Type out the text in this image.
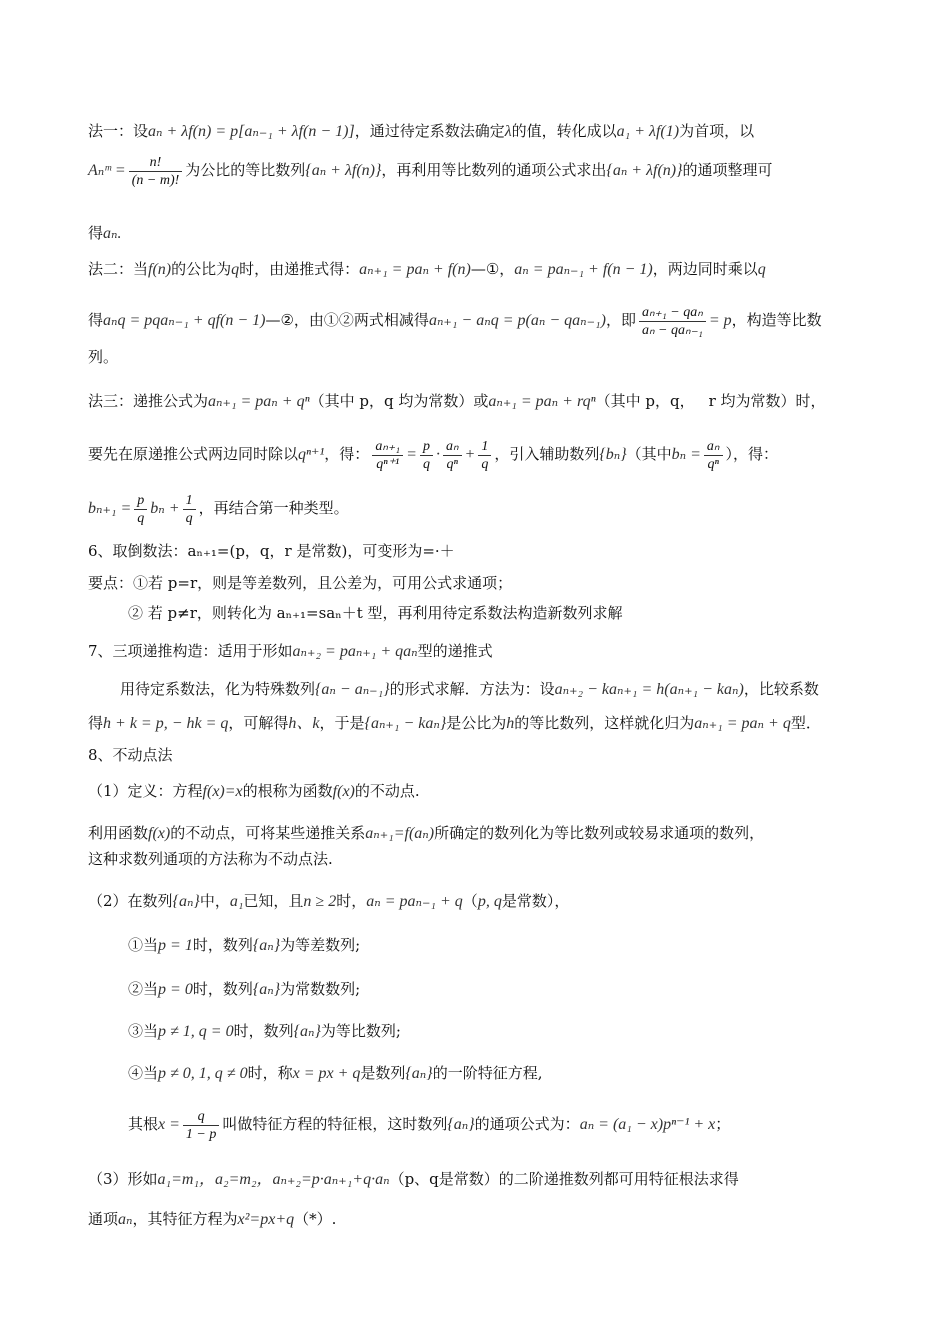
法一：设aₙ + λf(n) = p[aₙ₋₁ + λf(n − 1)]，通过待定系数法确定λ的值，转化成以a₁ + λf(1)为首项，以
Aₙᵐ = $\frac{n!}{(n - m)!}$ 为公比的等比数列{aₙ + λf(n)}，再利用等比数列的通项公式求出{aₙ + λf(n)}的通项整理可
得aₙ.
法二：当f(n)的公比为q时，由递推式得：aₙ₊₁ = paₙ + f(n)—①，aₙ = paₙ₋₁ + f(n − 1)，两边同时乘以q
得aₙq = pqaₙ₋₁ + qf(n − 1)—②，由①②两式相减得aₙ₊₁ − aₙq = p(aₙ − qaₙ₋₁)，即 $\frac{\text{aₙ₊₁ − qaₙ}}{\text{aₙ − qaₙ₋₁}} = p$，构造等比数
列。
法三：递推公式为aₙ₊₁ = paₙ + qⁿ（其中 p，q 均为常数）或aₙ₊₁ = paₙ + rqⁿ（其中 p，q， r 均为常数）时，
要先在原递推公式两边同时除以qⁿ⁺¹，得： $\frac{\text{aₙ₊₁}}{\text{qⁿ⁺¹}} = \frac{p}{q} \cdot \frac{\text{aₙ}}{\text{qⁿ}} + \frac{1}{q}$ ，引入辅助数列{bₙ}（其中$b_n = \frac{\text{aₙ}}{\text{qⁿ}}$ ），得：
$b_{n+1} = \frac{p}{q}$ $b_n + \frac{1}{q}$ ，再结合第一种类型。
6、取倒数法：aₙ₊₁=(p，q，r 是常数)，可变形为=·＋
要点：①若 p=r，则是等差数列，且公差为，可用公式求通项；
② 若 p≠r，则转化为 aₙ₊₁=saₙ＋t 型，再利用待定系数法构造新数列求解
7、三项递推构造：适用于形如aₙ₊₂ = paₙ₊₁ + qaₙ型的递推式
用待定系数法，化为特殊数列{aₙ − aₙ₋₁}的形式求解．方法为：设aₙ₊₂ − kaₙ₊₁ = h(aₙ₊₁ − kaₙ)，比较系数
得h + k = p, − hk = q，可解得h、k，于是{aₙ₊₁ − kaₙ}是公比为h的等比数列，这样就化归为aₙ₊₁ = paₙ + q型．
8、不动点法
（1）定义：方程f(x)=x的根称为函数f(x)的不动点.
利用函数f(x)的不动点，可将某些递推关系aₙ₊₁=f(aₙ)所确定的数列化为等比数列或较易求通项的数列，
这种求数列通项的方法称为不动点法.
（2）在数列{aₙ}中，a₁已知，且n ≥ 2时，aₙ = paₙ₋₁ + q（p, q是常数），
①当p = 1时，数列{aₙ}为等差数列;
②当p = 0时，数列{aₙ}为常数数列;
③当p ≠ 1, q = 0时，数列{aₙ}为等比数列;
④当p ≠ 0, 1, q ≠ 0时，称x = px + q是数列{aₙ}的一阶特征方程,
其根$x = \frac{q}{1 - p}$ 叫做特征方程的特征根，这时数列{aₙ}的通项公式为：aₙ = (a₁ − x)pⁿ⁻¹ + x；
（3）形如a₁=m₁，a₂=m₂，aₙ₊₂=p·aₙ₊₁+q·aₙ（p、q是常数）的二阶递推数列都可用特征根法求得
通项aₙ，其特征方程为x²=px+q（*）.
